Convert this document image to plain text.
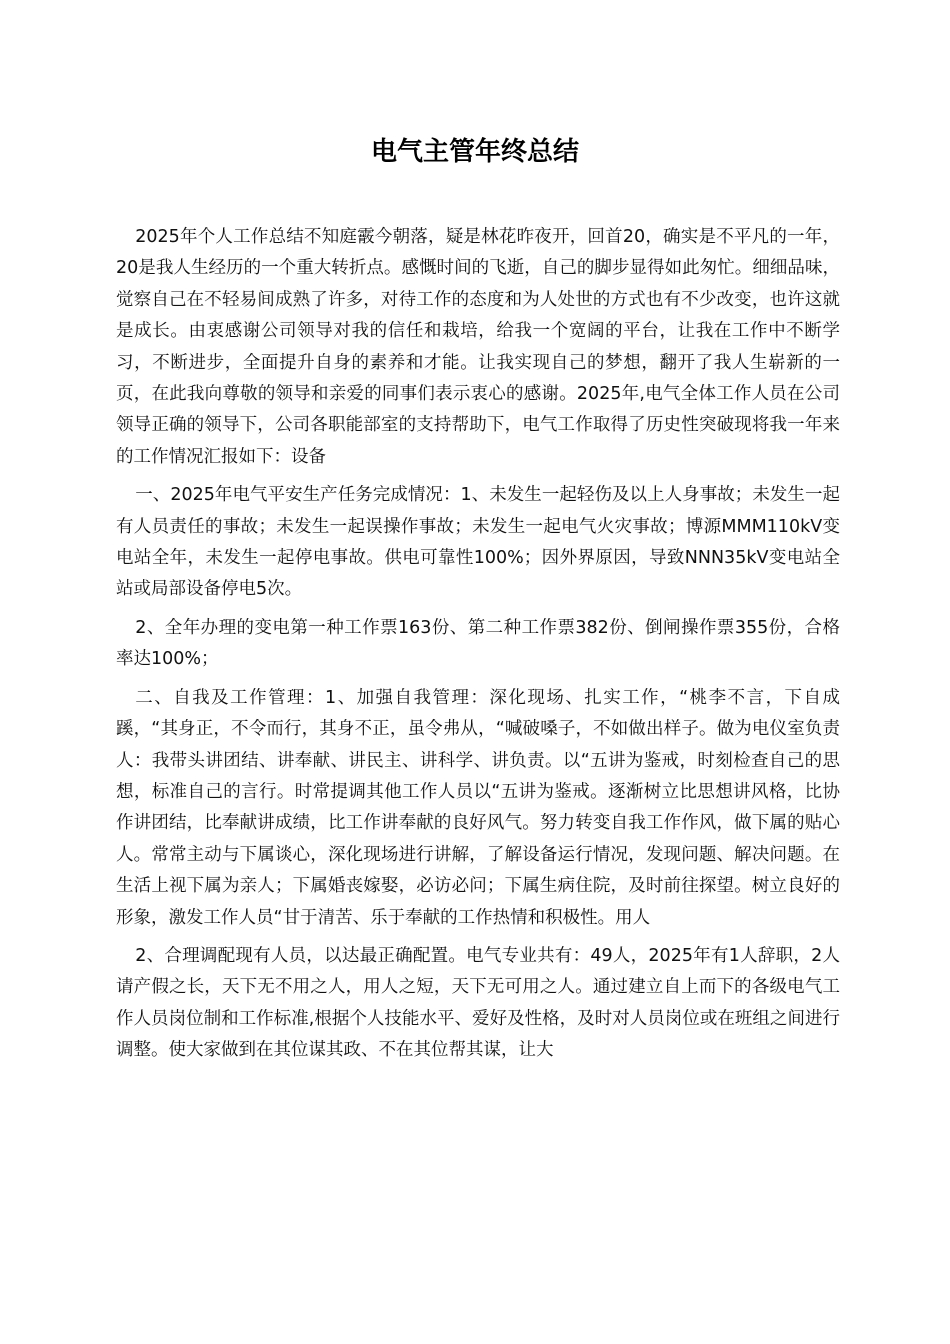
电气主管年终总结

2025年个人工作总结不知庭霰今朝落，疑是林花昨夜开，回首20，确实是不平凡的一年，20是我人生经历的一个重大转折点。感慨时间的飞逝，自己的脚步显得如此匆忙。细细品味，觉察自己在不轻易间成熟了许多，对待工作的态度和为人处世的方式也有不少改变，也许这就是成长。由衷感谢公司领导对我的信任和栽培，给我一个宽阔的平台，让我在工作中不断学习，不断进步，全面提升自身的素养和才能。让我实现自己的梦想，翻开了我人生崭新的一页，在此我向尊敬的领导和亲爱的同事们表示衷心的感谢。2025年,电气全体工作人员在公司领导正确的领导下，公司各职能部室的支持帮助下，电气工作取得了历史性突破现将我一年来的工作情况汇报如下：设备

一、2025年电气平安生产任务完成情况：1、未发生一起轻伤及以上人身事故；未发生一起有人员责任的事故；未发生一起误操作事故；未发生一起电气火灾事故；博源MMM110kV变电站全年，未发生一起停电事故。供电可靠性100%；因外界原因，导致NNN35kV变电站全站或局部设备停电5次。

2、全年办理的变电第一种工作票163份、第二种工作票382份、倒闸操作票355份，合格率达100%；

二、自我及工作管理：1、加强自我管理：深化现场、扎实工作，“桃李不言，下自成蹊，“其身正，不令而行，其身不正，虽令弗从，“喊破嗓子，不如做出样子。做为电仪室负责人：我带头讲团结、讲奉献、讲民主、讲科学、讲负责。以“五讲为鉴戒，时刻检查自己的思想，标准自己的言行。时常提调其他工作人员以“五讲为鉴戒。逐渐树立比思想讲风格，比协作讲团结，比奉献讲成绩，比工作讲奉献的良好风气。努力转变自我工作作风，做下属的贴心人。常常主动与下属谈心，深化现场进行讲解，了解设备运行情况，发现问题、解决问题。在生活上视下属为亲人；下属婚丧嫁娶，必访必问；下属生病住院，及时前往探望。树立良好的形象，激发工作人员“甘于清苦、乐于奉献的工作热情和积极性。用人

2、合理调配现有人员，以达最正确配置。电气专业共有：49人，2025年有1人辞职，2人请产假之长，天下无不用之人，用人之短，天下无可用之人。通过建立自上而下的各级电气工作人员岗位制和工作标准,根据个人技能水平、爱好及性格，及时对人员岗位或在班组之间进行调整。使大家做到在其位谋其政、不在其位帮其谋，让大
